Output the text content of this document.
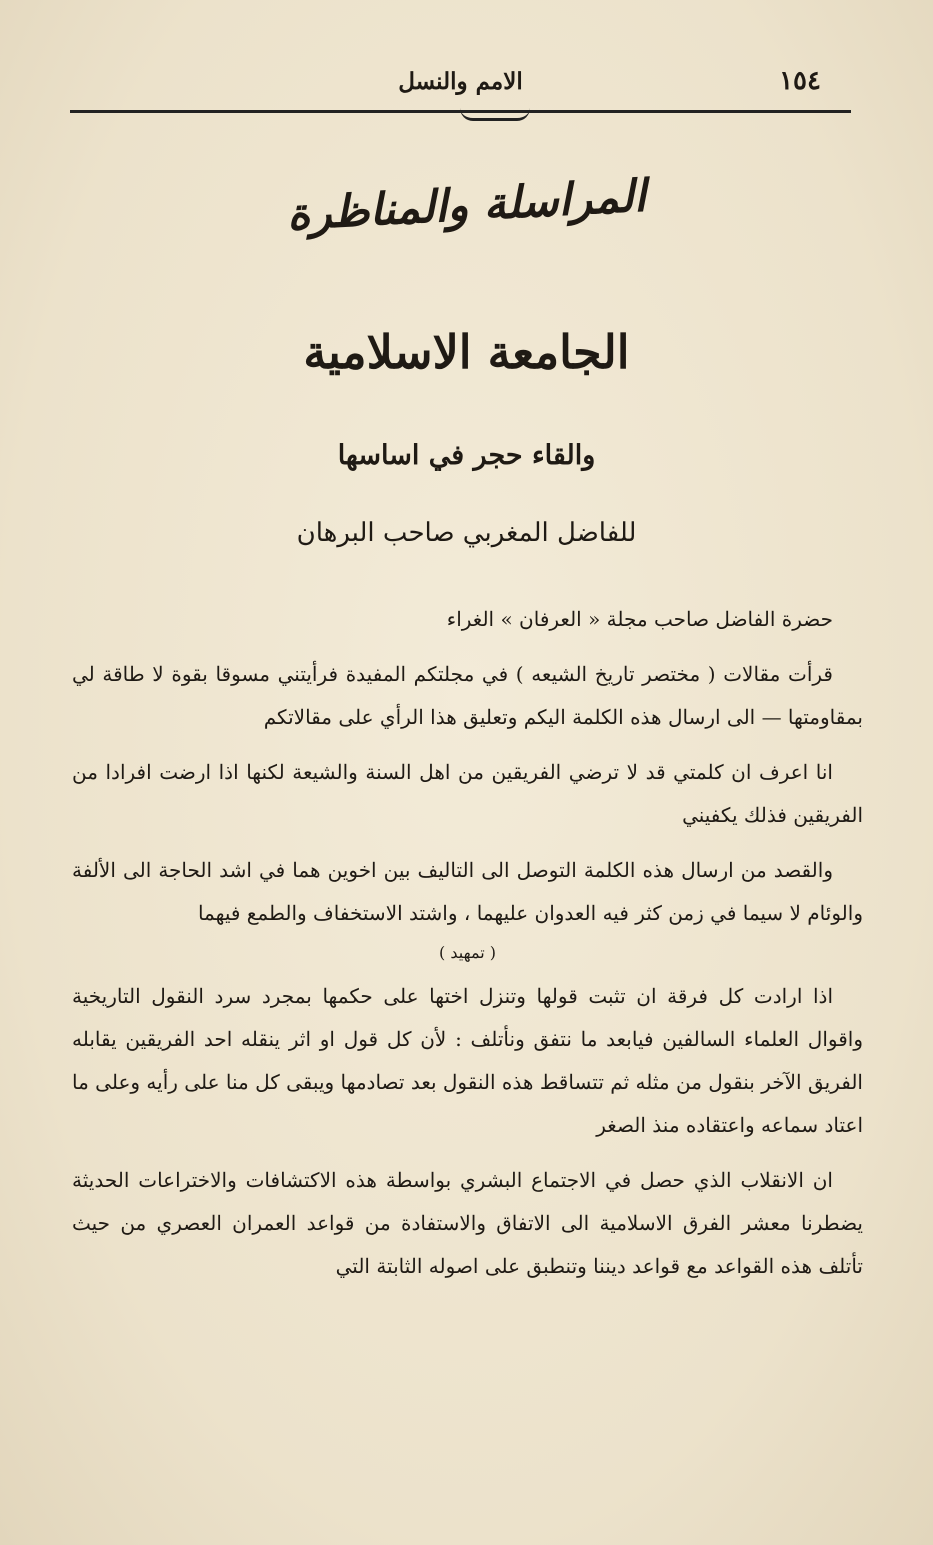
١٥٤
الامم والنسل
المراسلة والمناظرة
الجامعة الاسلامية
والقاء حجر في اساسها
للفاضل المغربي صاحب البرهان

حضرة الفاضل صاحب مجلة « العرفان » الغراء

قرأت مقالات ( مختصر تاريخ الشيعه ) في مجلتكم المفيدة فرأيتني مسوقا بقوة لا طاقة لي بمقاومتها — الى ارسال هذه الكلمة اليكم وتعليق هذا الرأي على مقالاتكم

انا اعرف ان كلمتي قد لا ترضي الفريقين من اهل السنة والشيعة لكنها اذا ارضت افرادا من الفريقين فذلك يكفيني

والقصد من ارسال هذه الكلمة التوصل الى التاليف بين اخوين هما في اشد الحاجة الى الألفة والوئام لا سيما في زمن كثر فيه العدوان عليهما ، واشتد الاستخفاف والطمع فيهما

( تمهيد )

اذا ارادت كل فرقة ان تثبت قولها وتنزل اختها على حكمها بمجرد سرد النقول التاريخية واقوال العلماء السالفين فيابعد ما نتفق ونأتلف : لأن كل قول او اثر ينقله احد الفريقين يقابله الفريق الآخر بنقول من مثله ثم تتساقط هذه النقول بعد تصادمها ويبقى كل منا على رأيه وعلى ما اعتاد سماعه واعتقاده منذ الصغر

ان الانقلاب الذي حصل في الاجتماع البشري بواسطة هذه الاكتشافات والاختراعات الحديثة يضطرنا معشر الفرق الاسلامية الى الاتفاق والاستفادة من قواعد العمران العصري من حيث تأتلف هذه القواعد مع قواعد ديننا وتنطبق على اصوله الثابتة التي
